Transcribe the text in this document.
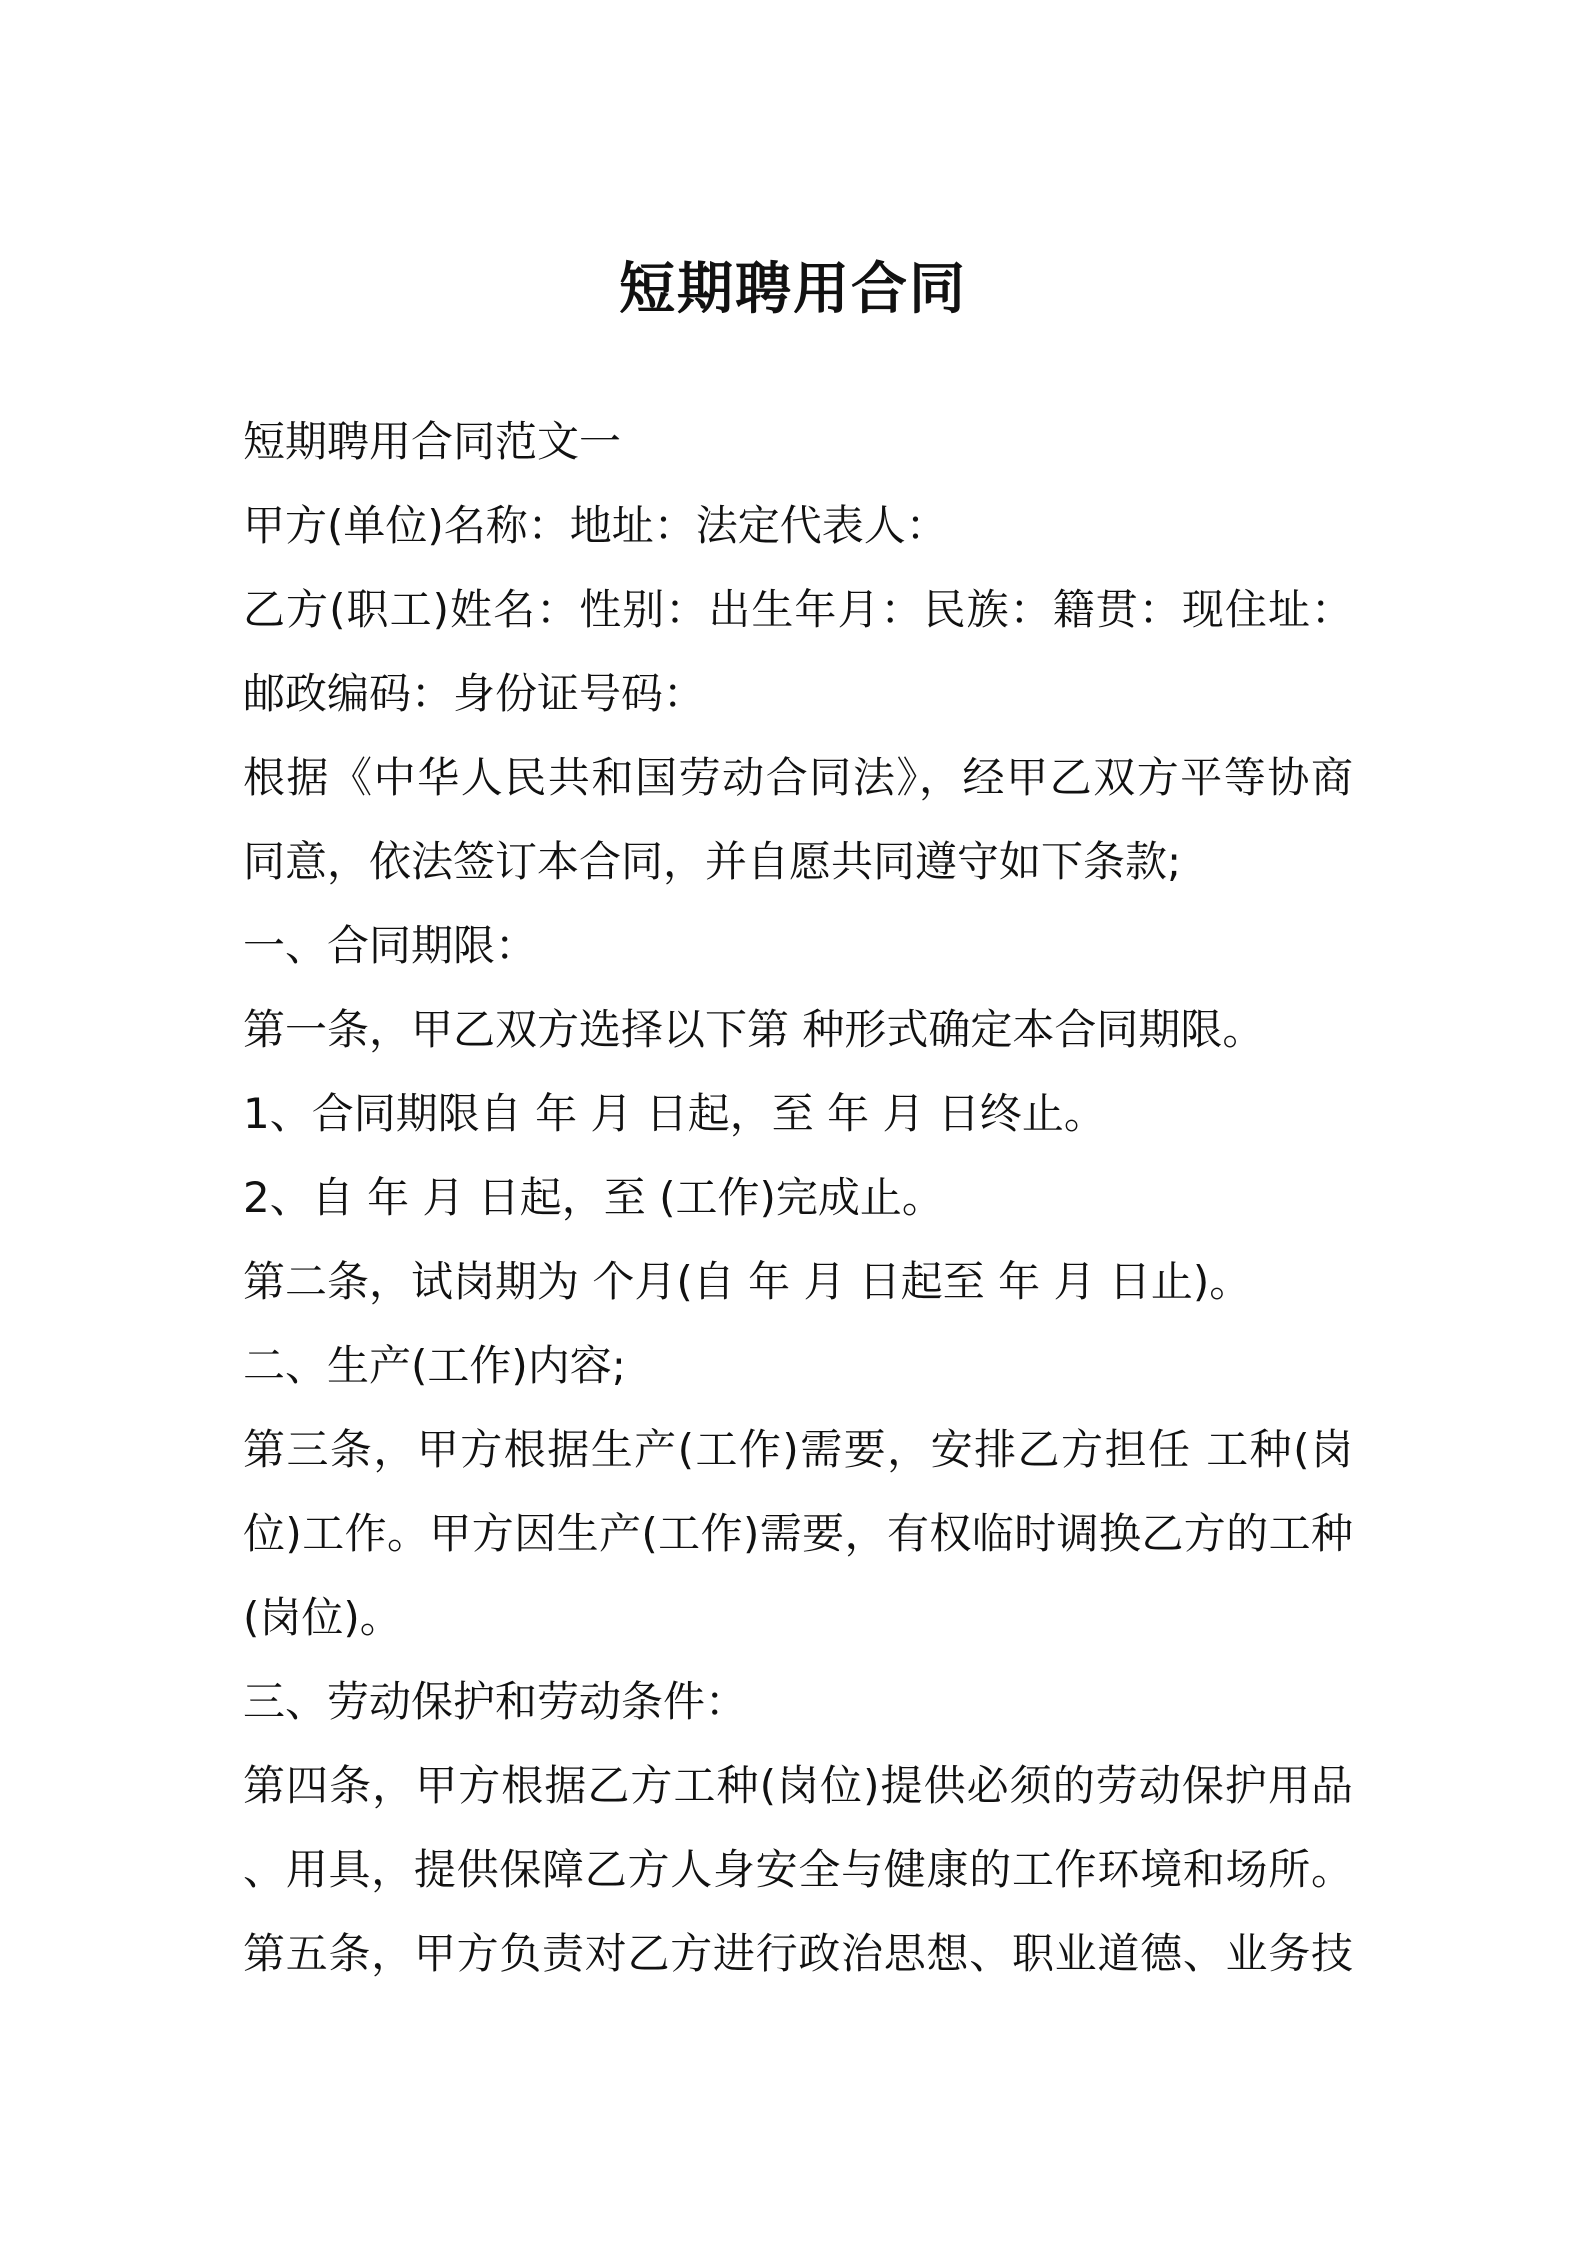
短期聘用合同
短期聘用合同范文一
甲方(单位)名称：地址：法定代表人：
乙方(职工)姓名：性别：出生年月：民族：籍贯：现住址：
邮政编码：身份证号码：
根据《中华人民共和国劳动合同法》，经甲乙双方平等协商
同意，依法签订本合同，并自愿共同遵守如下条款;
一、合同期限：
第一条，甲乙双方选择以下第 种形式确定本合同期限。
1、合同期限自 年 月 日起，至 年 月 日终止。
2、自 年 月 日起，至 (工作)完成止。
第二条，试岗期为 个月(自 年 月 日起至 年 月 日止)。
二、生产(工作)内容;
第三条，甲方根据生产(工作)需要，安排乙方担任 工种(岗
位)工作。甲方因生产(工作)需要，有权临时调换乙方的工种
(岗位)。
三、劳动保护和劳动条件：
第四条，甲方根据乙方工种(岗位)提供必须的劳动保护用品
、用具，提供保障乙方人身安全与健康的工作环境和场所。
第五条，甲方负责对乙方进行政治思想、职业道德、业务技
